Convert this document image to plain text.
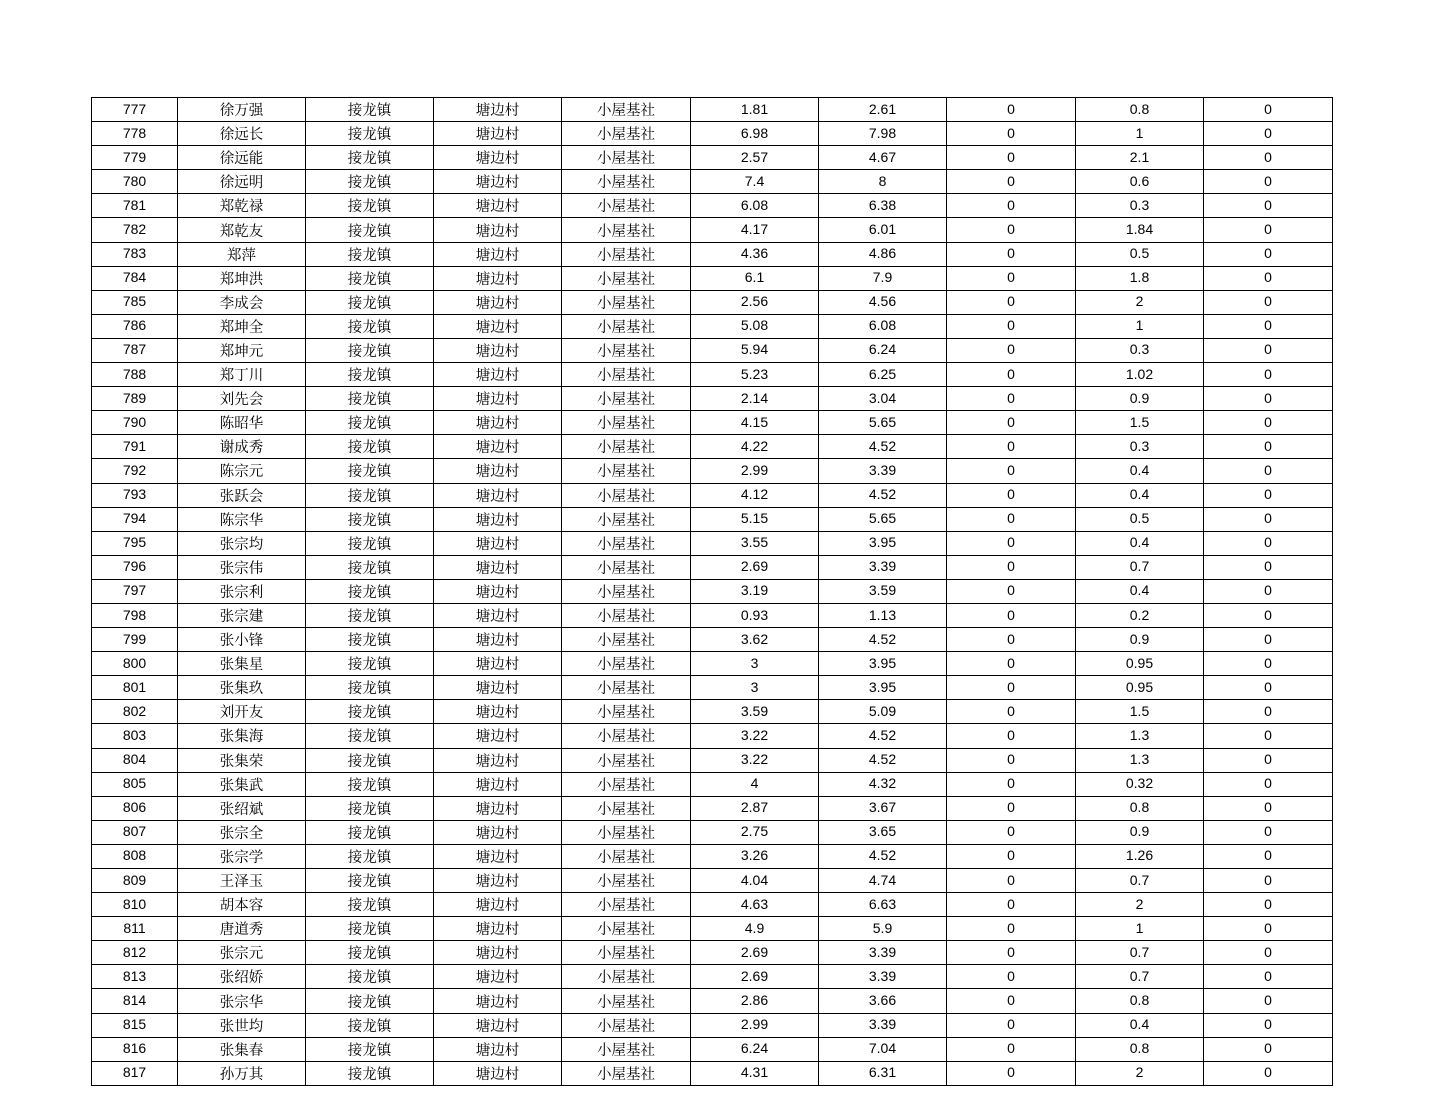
777	徐万强	接龙镇	塘边村	小屋基社	1.81	2.61	0	0.8	0
778	徐远长	接龙镇	塘边村	小屋基社	6.98	7.98	0	1	0
779	徐远能	接龙镇	塘边村	小屋基社	2.57	4.67	0	2.1	0
780	徐远明	接龙镇	塘边村	小屋基社	7.4	8	0	0.6	0
781	郑乾禄	接龙镇	塘边村	小屋基社	6.08	6.38	0	0.3	0
782	郑乾友	接龙镇	塘边村	小屋基社	4.17	6.01	0	1.84	0
783	郑萍	接龙镇	塘边村	小屋基社	4.36	4.86	0	0.5	0
784	郑坤洪	接龙镇	塘边村	小屋基社	6.1	7.9	0	1.8	0
785	李成会	接龙镇	塘边村	小屋基社	2.56	4.56	0	2	0
786	郑坤全	接龙镇	塘边村	小屋基社	5.08	6.08	0	1	0
787	郑坤元	接龙镇	塘边村	小屋基社	5.94	6.24	0	0.3	0
788	郑丁川	接龙镇	塘边村	小屋基社	5.23	6.25	0	1.02	0
789	刘先会	接龙镇	塘边村	小屋基社	2.14	3.04	0	0.9	0
790	陈昭华	接龙镇	塘边村	小屋基社	4.15	5.65	0	1.5	0
791	谢成秀	接龙镇	塘边村	小屋基社	4.22	4.52	0	0.3	0
792	陈宗元	接龙镇	塘边村	小屋基社	2.99	3.39	0	0.4	0
793	张跃会	接龙镇	塘边村	小屋基社	4.12	4.52	0	0.4	0
794	陈宗华	接龙镇	塘边村	小屋基社	5.15	5.65	0	0.5	0
795	张宗均	接龙镇	塘边村	小屋基社	3.55	3.95	0	0.4	0
796	张宗伟	接龙镇	塘边村	小屋基社	2.69	3.39	0	0.7	0
797	张宗利	接龙镇	塘边村	小屋基社	3.19	3.59	0	0.4	0
798	张宗建	接龙镇	塘边村	小屋基社	0.93	1.13	0	0.2	0
799	张小锋	接龙镇	塘边村	小屋基社	3.62	4.52	0	0.9	0
800	张集星	接龙镇	塘边村	小屋基社	3	3.95	0	0.95	0
801	张集玖	接龙镇	塘边村	小屋基社	3	3.95	0	0.95	0
802	刘开友	接龙镇	塘边村	小屋基社	3.59	5.09	0	1.5	0
803	张集海	接龙镇	塘边村	小屋基社	3.22	4.52	0	1.3	0
804	张集荣	接龙镇	塘边村	小屋基社	3.22	4.52	0	1.3	0
805	张集武	接龙镇	塘边村	小屋基社	4	4.32	0	0.32	0
806	张绍斌	接龙镇	塘边村	小屋基社	2.87	3.67	0	0.8	0
807	张宗全	接龙镇	塘边村	小屋基社	2.75	3.65	0	0.9	0
808	张宗学	接龙镇	塘边村	小屋基社	3.26	4.52	0	1.26	0
809	王泽玉	接龙镇	塘边村	小屋基社	4.04	4.74	0	0.7	0
810	胡本容	接龙镇	塘边村	小屋基社	4.63	6.63	0	2	0
811	唐道秀	接龙镇	塘边村	小屋基社	4.9	5.9	0	1	0
812	张宗元	接龙镇	塘边村	小屋基社	2.69	3.39	0	0.7	0
813	张绍娇	接龙镇	塘边村	小屋基社	2.69	3.39	0	0.7	0
814	张宗华	接龙镇	塘边村	小屋基社	2.86	3.66	0	0.8	0
815	张世均	接龙镇	塘边村	小屋基社	2.99	3.39	0	0.4	0
816	张集春	接龙镇	塘边村	小屋基社	6.24	7.04	0	0.8	0
817	孙万其	接龙镇	塘边村	小屋基社	4.31	6.31	0	2	0
